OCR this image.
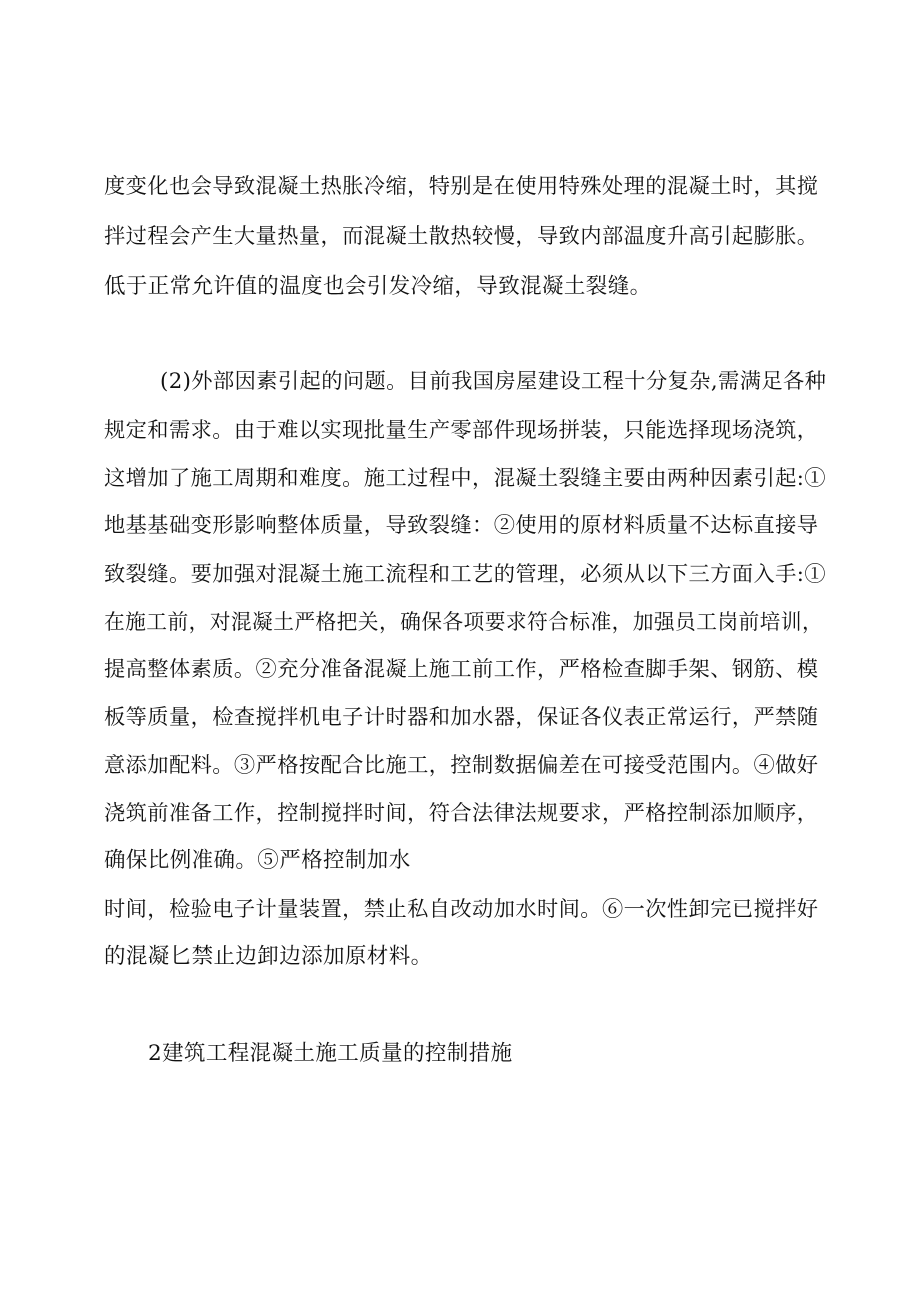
度变化也会导致混凝土热胀冷缩，特别是在使用特殊处理的混凝土时，其搅
拌过程会产生大量热量，而混凝土散热较慢，导致内部温度升高引起膨胀。
低于正常允许值的温度也会引发冷缩，导致混凝土裂缝。
(2)外部因素引起的问题。目前我国房屋建设工程十分复杂,需满足各种
规定和需求。由于难以实现批量生产零部件现场拼装，只能选择现场浇筑，
这增加了施工周期和难度。施工过程中，混凝土裂缝主要由两种因素引起:①
地基基础变形影响整体质量，导致裂缝：②使用的原材料质量不达标直接导
致裂缝。要加强对混凝土施工流程和工艺的管理，必须从以下三方面入手:①
在施工前，对混凝土严格把关，确保各项要求符合标准，加强员工岗前培训，
提高整体素质。②充分准备混凝上施工前工作，严格检查脚手架、钢筋、模
板等质量，检查搅拌机电子计时器和加水器，保证各仪表正常运行，严禁随
意添加配料。③严格按配合比施工，控制数据偏差在可接受范围内。④做好
浇筑前准备工作，控制搅拌时间，符合法律法规要求，严格控制添加顺序，
确保比例准确。⑤严格控制加水
时间，检验电子计量装置，禁止私自改动加水时间。⑥一次性卸完已搅拌好
的混凝匕禁止边卸边添加原材料。
2建筑工程混凝土施工质量的控制措施
